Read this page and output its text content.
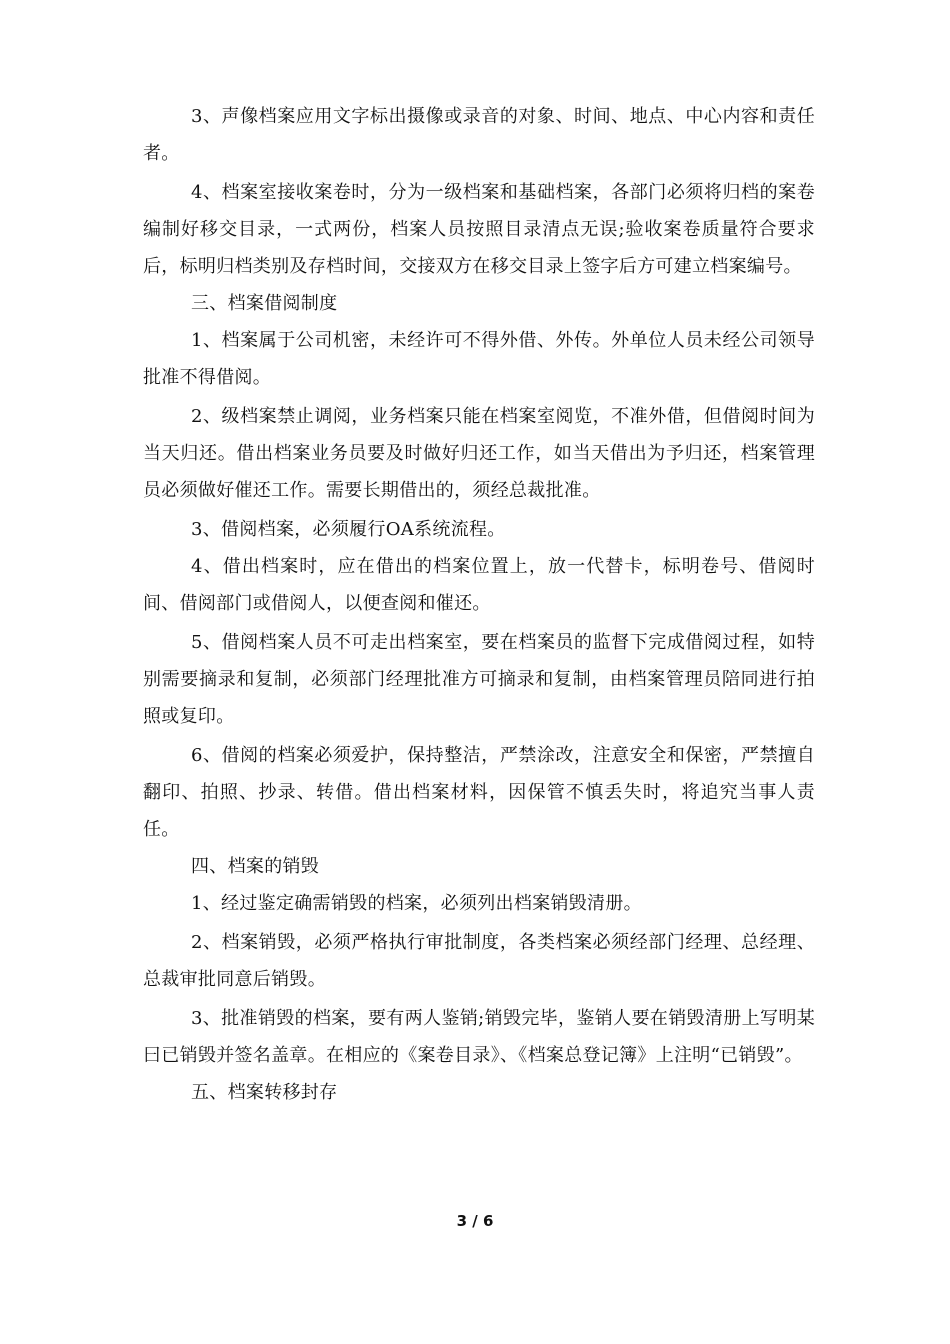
3、声像档案应用文字标出摄像或录音的对象、时间、地点、中心内容和责任者。

4、档案室接收案卷时，分为一级档案和基础档案，各部门必须将归档的案卷编制好移交目录，一式两份，档案人员按照目录清点无误;验收案卷质量符合要求后，标明归档类别及存档时间，交接双方在移交目录上签字后方可建立档案编号。

三、档案借阅制度

1、档案属于公司机密，未经许可不得外借、外传。外单位人员未经公司领导批准不得借阅。

2、级档案禁止调阅，业务档案只能在档案室阅览，不准外借，但借阅时间为当天归还。借出档案业务员要及时做好归还工作，如当天借出为予归还，档案管理员必须做好催还工作。需要长期借出的，须经总裁批准。

3、借阅档案，必须履行OA系统流程。

4、借出档案时，应在借出的档案位置上，放一代替卡，标明卷号、借阅时间、借阅部门或借阅人，以便查阅和催还。

5、借阅档案人员不可走出档案室，要在档案员的监督下完成借阅过程，如特别需要摘录和复制，必须部门经理批准方可摘录和复制，由档案管理员陪同进行拍照或复印。

6、借阅的档案必须爱护，保持整洁，严禁涂改，注意安全和保密，严禁擅自翻印、拍照、抄录、转借。借出档案材料，因保管不慎丢失时，将追究当事人责任。

四、档案的销毁

1、经过鉴定确需销毁的档案，必须列出档案销毁清册。

2、档案销毁，必须严格执行审批制度，各类档案必须经部门经理、总经理、总裁审批同意后销毁。

3、批准销毁的档案，要有两人鉴销;销毁完毕，鉴销人要在销毁清册上写明某曰已销毁并签名盖章。在相应的《案卷目录》、《档案总登记簿》上注明“已销毁”。

五、档案转移封存

3 / 6
